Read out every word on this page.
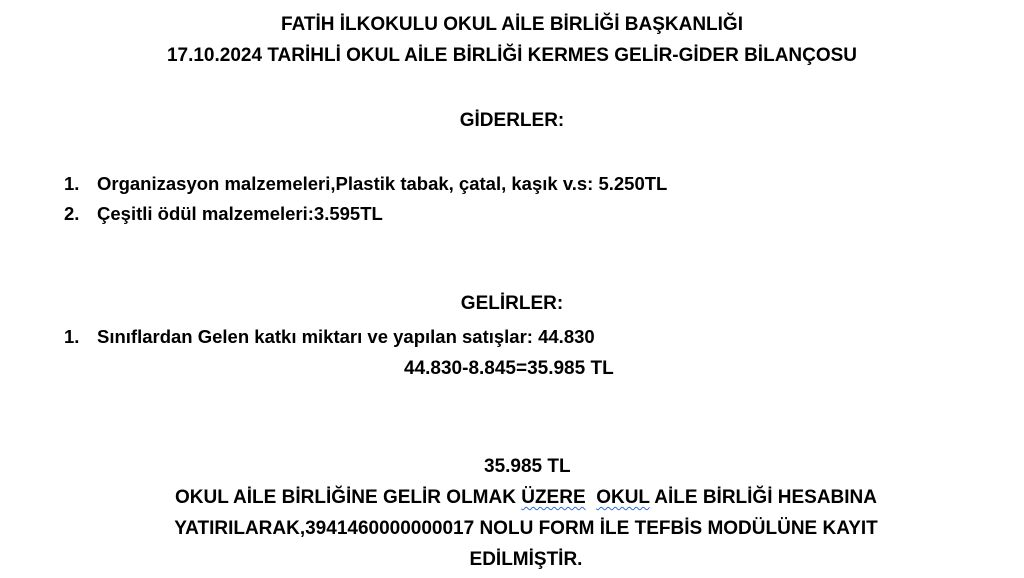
FATİH İLKOKULU OKUL AİLE BİRLİĞİ BAŞKANLIĞI
17.10.2024 TARİHLİ OKUL AİLE BİRLİĞİ KERMES GELİR-GİDER BİLANÇOSU
GİDERLER:
1. Organizasyon malzemeleri,Plastik tabak, çatal, kaşık v.s: 5.250TL
2. Çeşitli ödül malzemeleri:3.595TL
GELİRLER:
1. Sınıflardan Gelen katkı miktarı ve yapılan satışlar: 44.830
44.830-8.845=35.985 TL
35.985 TL
OKUL AİLE BİRLİĞİNE GELİR OLMAK ÜZERE OKUL AİLE BİRLİĞİ HESABINA
YATIRILARAK,3941460000000017 NOLU FORM İLE TEFBİS MODÜLÜNE KAYIT
EDİLMİŞTİR.
